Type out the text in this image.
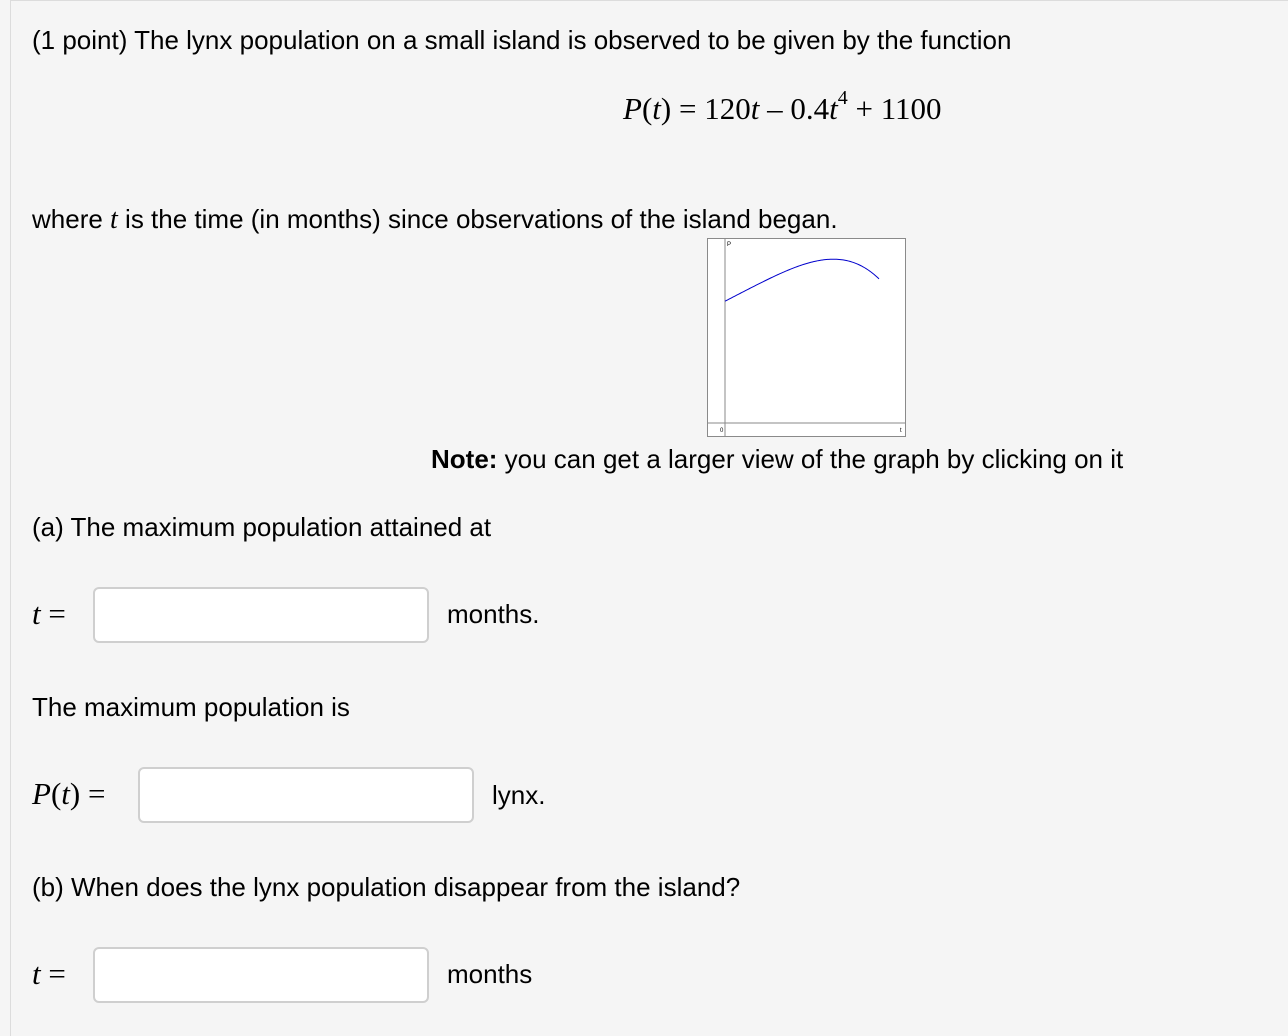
(1 point) The lynx population on a small island is observed to be given by the function
$P(t) = 120t - 0.4t^4 + 1100$
where t is the time (in months) since observations of the island began.
P
0	t
Note: you can get a larger view of the graph by clicking on it
(a) The maximum population attained at
t =	months.
The maximum population is
P(t) =	lynx.
(b) When does the lynx population disappear from the island?
t =	months
